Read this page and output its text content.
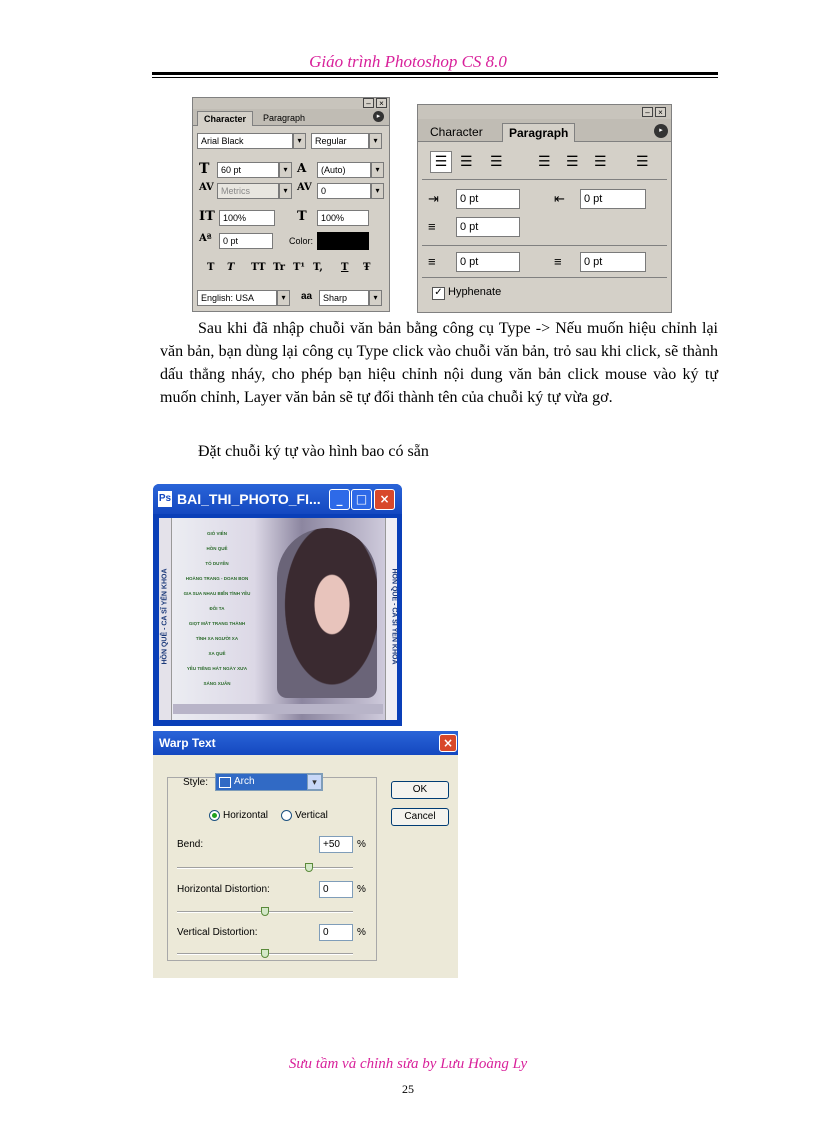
Giáo trình Photoshop CS 8.0
–	×
Character	Paragraph	▸
Arial Black	▾	Regular	▾
T	60 pt	▾ A	(Auto)	▾
AV Metrics	▾ AV	0	▾
IT 100%	T	100%
Aª	0 pt	Color:
T T TT Tr T¹ T, T Ŧ
English: USA	▾	aa	Sharp	▾
–	×
Character	Paragraph	▸
☰ ☰ ☰	☰ ☰ ☰ ☰
⇥	0 pt	⇤	0 pt
≡	0 pt
≡	0 pt	≡	0 pt
✓ Hyphenate
Sau khi đã nhập chuỗi văn bản bằng công cụ Type -> Nếu muốn hiệu chỉnh lại văn bản, bạn dùng lại công cụ Type click vào chuỗi văn bản, trỏ sau khi click, sẽ thành dấu thẳng nháy, cho phép bạn hiệu chỉnh nội dung văn bản click mouse vào ký tự muốn chỉnh, Layer văn bản sẽ tự đổi thành tên của chuỗi ký tự vừa gơ.
Đặt chuỗi ký tự vào hình bao có sẵn
Ps BAI_THI_PHOTO_FI...	_	□	×
HỒN QUÊ - CA SĨ YẾN KHOA	HỒN QUÊ - CA SĨ YẾN KHOA
GIÓ VIỄN
HỒN QUÊ
TÓ DUYÊN
HOÀNG TRANG - DOAN BON
GIA SUA NHAU BIỂN TÌNH YÊU
ĐÔI TA
GIỌT MẮT TRANG THÀNH
TÌNH XA NGƯỜI XA
XA QUÊ
YÊU TIẾNG HÁT NGÀY XƯA
SÁNG XUÂN
Warp Text	×
Style:	Arch	▾
OK
Cancel
Horizontal	Vertical
Bend:	+50	%
Horizontal Distortion:	0	%
Vertical Distortion:	0	%
Sưu tầm và chỉnh sửa by Lưu Hoàng Ly
25
